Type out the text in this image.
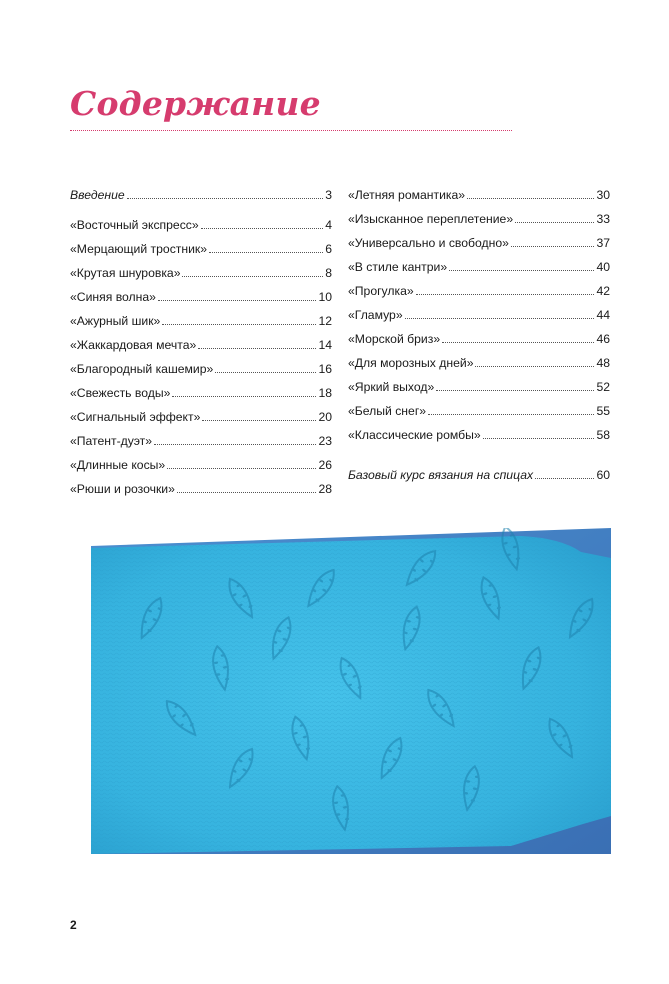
Содержание
Введение	3
«Восточный экспресс»	4
«Мерцающий тростник»	6
«Крутая шнуровка»	8
«Синяя волна»	10
«Ажурный шик»	12
«Жаккардовая мечта»	14
«Благородный кашемир»	16
«Свежесть воды»	18
«Сигнальный эффект»	20
«Патент-дуэт»	23
«Длинные косы»	26
«Рюши и розочки»	28
«Летняя романтика»	30
«Изысканное переплетение»	33
«Универсально и свободно»	37
«В стиле кантри»	40
«Прогулка»	42
«Гламур»	44
«Морской бриз»	46
«Для морозных дней»	48
«Яркий выход»	52
«Белый снег»	55
«Классические ромбы»	58
Базовый курс вязания на спицах	60
2
